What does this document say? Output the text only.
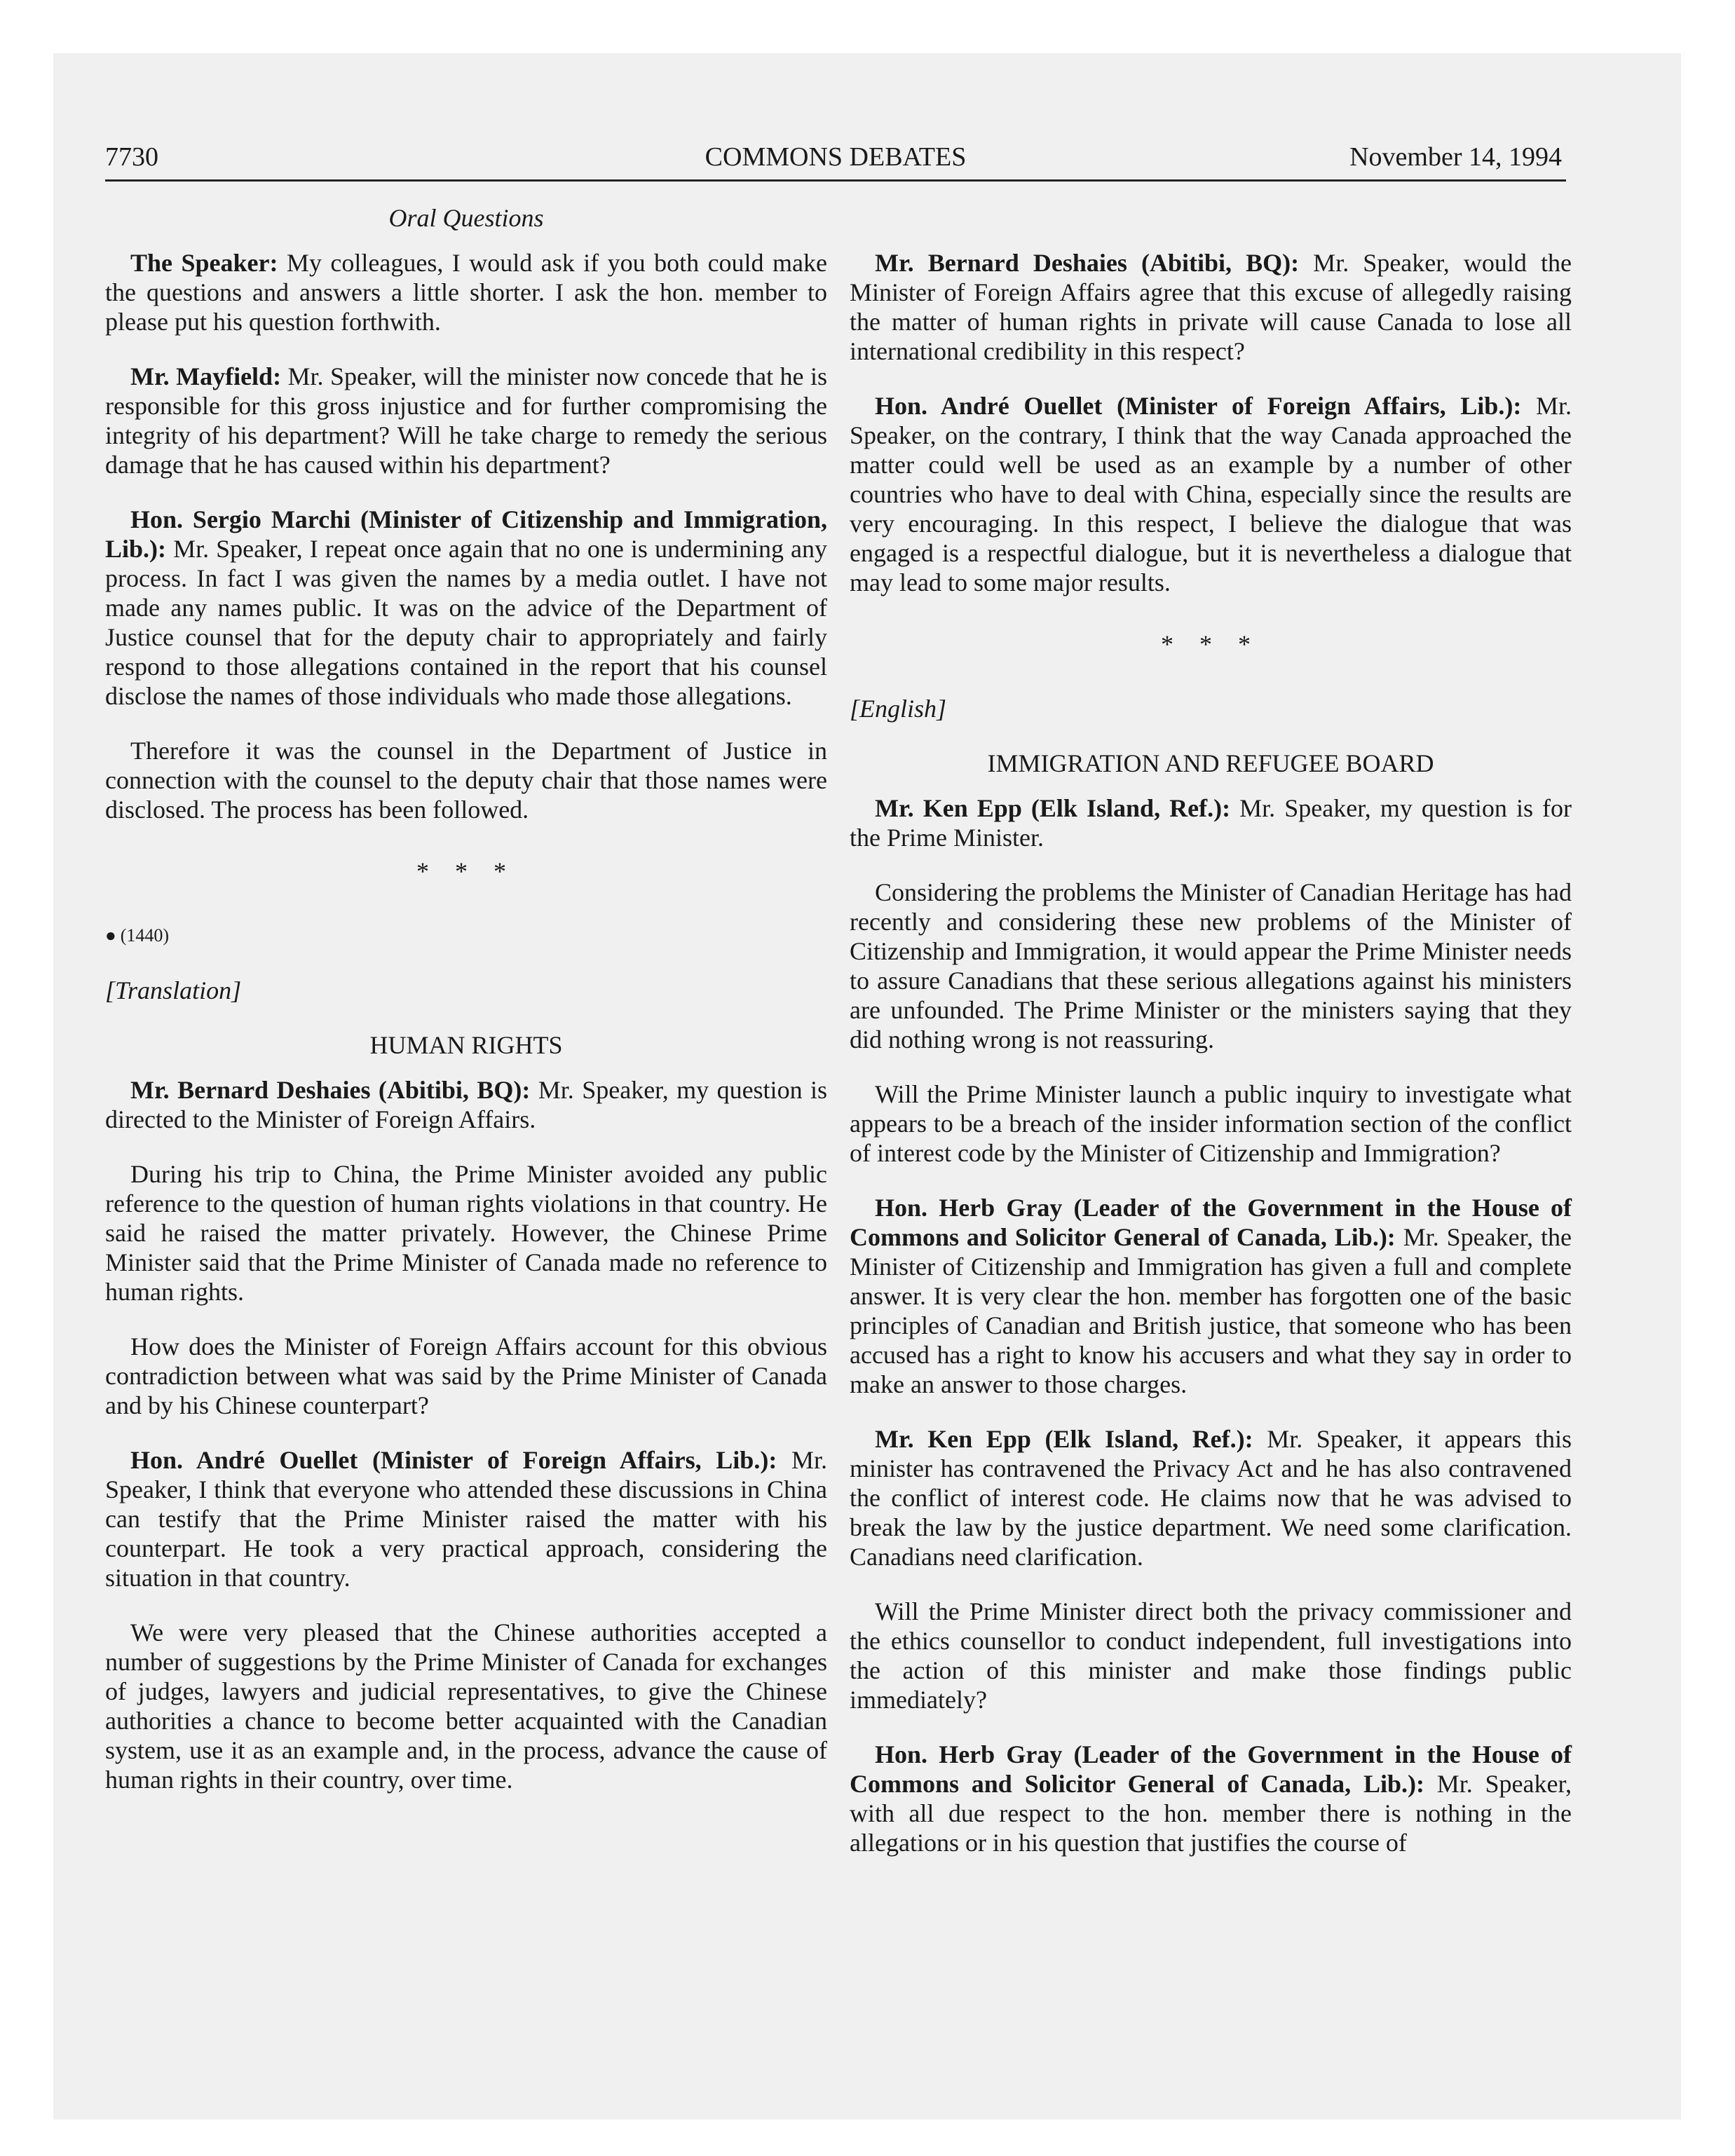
7730	COMMONS DEBATES	November 14, 1994

Oral Questions

The Speaker: My colleagues, I would ask if you both could make the questions and answers a little shorter. I ask the hon. member to please put his question forthwith.

Mr. Mayfield: Mr. Speaker, will the minister now concede that he is responsible for this gross injustice and for further compromising the integrity of his department? Will he take charge to remedy the serious damage that he has caused within his department?

Hon. Sergio Marchi (Minister of Citizenship and Immigration, Lib.): Mr. Speaker, I repeat once again that no one is undermining any process. In fact I was given the names by a media outlet. I have not made any names public. It was on the advice of the Department of Justice counsel that for the deputy chair to appropriately and fairly respond to those allegations contained in the report that his counsel disclose the names of those individuals who made those allegations.

Therefore it was the counsel in the Department of Justice in connection with the counsel to the deputy chair that those names were disclosed. The process has been followed.

* * *

● (1440)

[Translation]

HUMAN RIGHTS

Mr. Bernard Deshaies (Abitibi, BQ): Mr. Speaker, my question is directed to the Minister of Foreign Affairs.

During his trip to China, the Prime Minister avoided any public reference to the question of human rights violations in that country. He said he raised the matter privately. However, the Chinese Prime Minister said that the Prime Minister of Canada made no reference to human rights.

How does the Minister of Foreign Affairs account for this obvious contradiction between what was said by the Prime Minister of Canada and by his Chinese counterpart?

Hon. André Ouellet (Minister of Foreign Affairs, Lib.): Mr. Speaker, I think that everyone who attended these discussions in China can testify that the Prime Minister raised the matter with his counterpart. He took a very practical approach, considering the situation in that country.

We were very pleased that the Chinese authorities accepted a number of suggestions by the Prime Minister of Canada for exchanges of judges, lawyers and judicial representatives, to give the Chinese authorities a chance to become better acquainted with the Canadian system, use it as an example and, in the process, advance the cause of human rights in their country, over time.

Mr. Bernard Deshaies (Abitibi, BQ): Mr. Speaker, would the Minister of Foreign Affairs agree that this excuse of allegedly raising the matter of human rights in private will cause Canada to lose all international credibility in this respect?

Hon. André Ouellet (Minister of Foreign Affairs, Lib.): Mr. Speaker, on the contrary, I think that the way Canada approached the matter could well be used as an example by a number of other countries who have to deal with China, especially since the results are very encouraging. In this respect, I believe the dialogue that was engaged is a respectful dialogue, but it is nevertheless a dialogue that may lead to some major results.

* * *

[English]

IMMIGRATION AND REFUGEE BOARD

Mr. Ken Epp (Elk Island, Ref.): Mr. Speaker, my question is for the Prime Minister.

Considering the problems the Minister of Canadian Heritage has had recently and considering these new problems of the Minister of Citizenship and Immigration, it would appear the Prime Minister needs to assure Canadians that these serious allegations against his ministers are unfounded. The Prime Minister or the ministers saying that they did nothing wrong is not reassuring.

Will the Prime Minister launch a public inquiry to investigate what appears to be a breach of the insider information section of the conflict of interest code by the Minister of Citizenship and Immigration?

Hon. Herb Gray (Leader of the Government in the House of Commons and Solicitor General of Canada, Lib.): Mr. Speaker, the Minister of Citizenship and Immigration has given a full and complete answer. It is very clear the hon. member has forgotten one of the basic principles of Canadian and British justice, that someone who has been accused has a right to know his accusers and what they say in order to make an answer to those charges.

Mr. Ken Epp (Elk Island, Ref.): Mr. Speaker, it appears this minister has contravened the Privacy Act and he has also contravened the conflict of interest code. He claims now that he was advised to break the law by the justice department. We need some clarification. Canadians need clarification.

Will the Prime Minister direct both the privacy commissioner and the ethics counsellor to conduct independent, full investigations into the action of this minister and make those findings public immediately?

Hon. Herb Gray (Leader of the Government in the House of Commons and Solicitor General of Canada, Lib.): Mr. Speaker, with all due respect to the hon. member there is nothing in the allegations or in his question that justifies the course of
